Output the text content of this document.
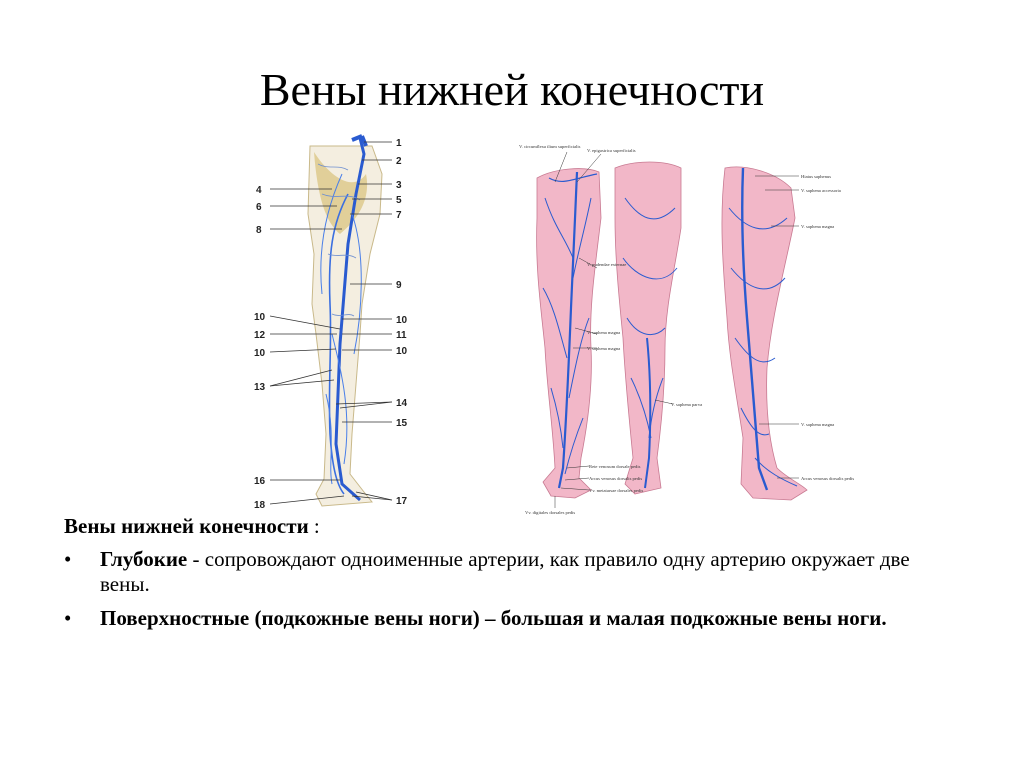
Вены нижней конечности
4
6
8
10
12
10
13
16
18
1
2
3
5
7
9
10
11
10
14
15
17
V. circumflexa ilium superficialis
V. epigastrica superficialis
V. pudendae externae
V. saphena magna
V. saphena magna
V. saphena parva
Rete venosum dorsale pedis
Arcus venosus dorsalis pedis
Vv. metatarsae dorsales pedis
Vv. digitales dorsales pedis
Hiatus saphenus
V. saphena accessoria
V. saphena magna
V. saphena magna
Arcus venosus dorsalis pedis
Вены нижней конечности :
• Глубокие - сопровождают одноименные артерии, как правило одну артерию окружает две вены.
• Поверхностные (подкожные вены ноги) – большая и малая подкожные вены ноги.
